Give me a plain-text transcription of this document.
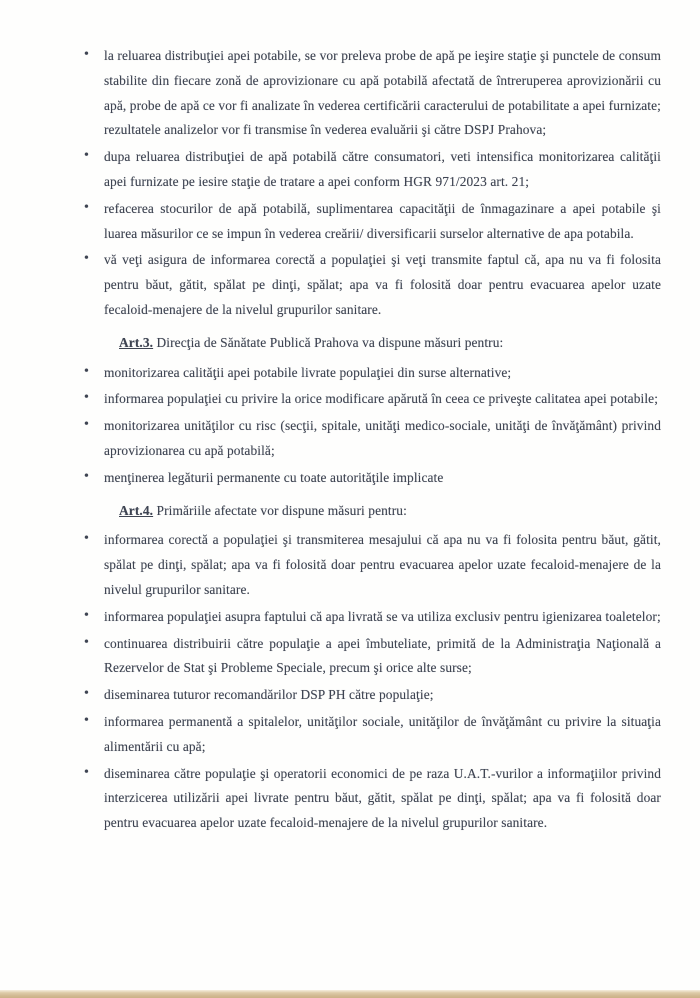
• la reluarea distribuţiei apei potabile, se vor preleva probe de apă pe ieşire staţie şi punctele de consum stabilite din fiecare zonă de aprovizionare cu apă potabilă afectată de întreruperea aprovizionării cu apă, probe de apă ce vor fi analizate în vederea certificării caracterului de potabilitate a apei furnizate; rezultatele analizelor vor fi transmise în vederea evaluării şi către DSPJ Prahova;
• dupa reluarea distribuţiei de apă potabilă către consumatori, veti intensifica monitorizarea calităţii apei furnizate pe iesire staţie de tratare a apei conform HGR 971/2023 art. 21;
• refacerea stocurilor de apă potabilă, suplimentarea capacităţii de înmagazinare a apei potabile şi luarea măsurilor ce se impun în vederea creării/ diversificarii surselor alternative de apa potabila.
• vă veţi asigura de informarea corectă a populaţiei şi veţi transmite faptul că, apa nu va fi folosita pentru băut, gătit, spălat pe dinţi, spălat; apa va fi folosită doar pentru evacuarea apelor uzate fecaloid-menajere de la nivelul grupurilor sanitare.

Art.3. Direcţia de Sănătate Publică Prahova va dispune măsuri pentru:

• monitorizarea calităţii apei potabile livrate populaţiei din surse alternative;
• informarea populaţiei cu privire la orice modificare apărută în ceea ce priveşte calitatea apei potabile;
• monitorizarea unităţilor cu risc (secţii, spitale, unităţi medico-sociale, unităţi de învăţământ) privind aprovizionarea cu apă potabilă;
• menţinerea legăturii permanente cu toate autorităţile implicate

Art.4. Primăriile afectate vor dispune măsuri pentru:

• informarea corectă a populaţiei şi transmiterea mesajului că apa nu va fi folosita pentru băut, gătit, spălat pe dinţi, spălat; apa va fi folosită doar pentru evacuarea apelor uzate fecaloid-menajere de la nivelul grupurilor sanitare.
• informarea populaţiei asupra faptului că apa livrată se va utiliza exclusiv pentru igienizarea toaletelor;
• continuarea distribuirii către populaţie a apei îmbuteliate, primită de la Administraţia Naţională a Rezervelor de Stat şi Probleme Speciale, precum şi orice alte surse;
• diseminarea tuturor recomandărilor DSP PH către populaţie;
• informarea permanentă a spitalelor, unităţilor sociale, unităţilor de învăţământ cu privire la situaţia alimentării cu apă;
• diseminarea către populaţie şi operatorii economici de pe raza U.A.T.-vurilor a informaţiilor privind interzicerea utilizării apei livrate pentru băut, gătit, spălat pe dinţi, spălat; apa va fi folosită doar pentru evacuarea apelor uzate fecaloid-menajere de la nivelul grupurilor sanitare.
